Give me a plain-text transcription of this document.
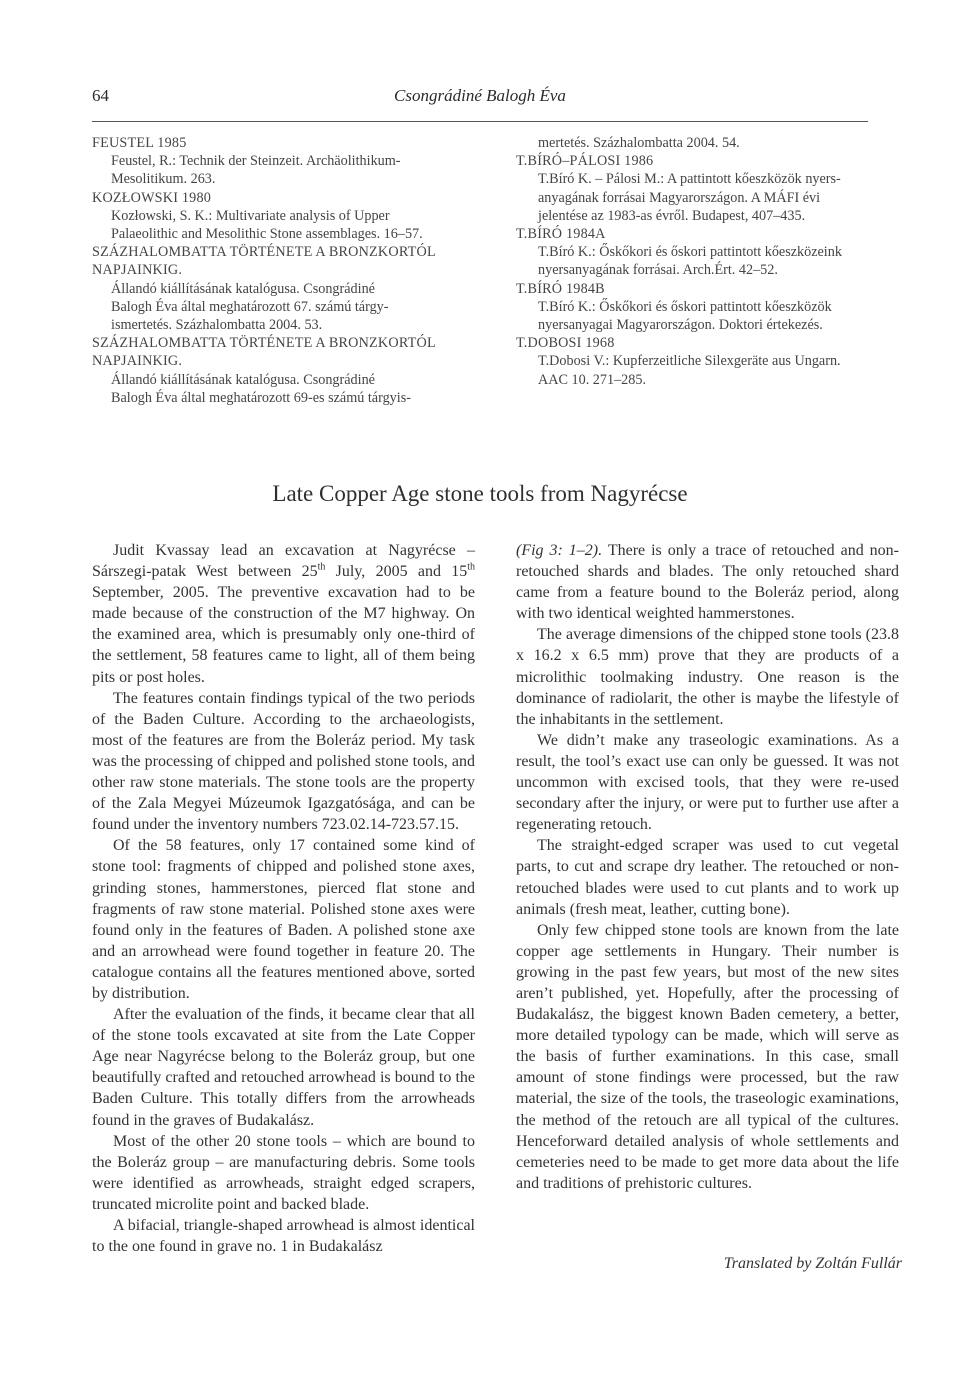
64	Csongrádiné Balogh Éva
FEUSTEL 1985
Feustel, R.: Technik der Steinzeit. Archäolithikum-
Mesolitikum. 263.
KOZŁOWSKI 1980
Kozłowski, S. K.: Multivariate analysis of Upper
Palaeolithic and Mesolithic Stone assemblages. 16–57.
SZÁZHALOMBATTA TÖRTÉNETE A BRONZKORTÓL
NAPJAINKIG.
Állandó kiállításának katalógusa. Csongrádiné
Balogh Éva által meghatározott 67. számú tárgy-
ismertetés. Százhalombatta 2004. 53.
SZÁZHALOMBATTA TÖRTÉNETE A BRONZKORTÓL
NAPJAINKIG.
Állandó kiállításának katalógusa. Csongrádiné
Balogh Éva által meghatározott 69-es számú tárgyis-
mertetés. Százhalombatta 2004. 54.
T.BÍRÓ–PÁLOSI 1986
T.Bíró K. – Pálosi M.: A pattintott kőeszközök nyers-
anyagának forrásai Magyarországon. A MÁFI évi
jelentése az 1983-as évről. Budapest, 407–435.
T.BÍRÓ 1984A
T.Bíró K.: Őskőkori és őskori pattintott kőeszközeink
nyersanyagának forrásai. Arch.Ért. 42–52.
T.BÍRÓ 1984B
T.Bíró K.: Őskőkori és őskori pattintott kőeszközök
nyersanyagai Magyarországon. Doktori értekezés.
T.DOBOSI 1968
T.Dobosi V.: Kupferzeitliche Silexgeräte aus Ungarn.
AAC 10. 271–285.
Late Copper Age stone tools from Nagyrécse

Judit Kvassay lead an excavation at Nagyrécse – Sárszegi-patak West between 25th July, 2005 and 15th September, 2005. The preventive excavation had to be made because of the construction of the M7 highway. On the examined area, which is presumably only one-third of the settlement, 58 features came to light, all of them being pits or post holes.

The features contain findings typical of the two periods of the Baden Culture. According to the archaeologists, most of the features are from the Boleráz period. My task was the processing of chipped and polished stone tools, and other raw stone materials. The stone tools are the property of the Zala Megyei Múzeumok Igazgatósága, and can be found under the inventory numbers 723.02.14-723.57.15.

Of the 58 features, only 17 contained some kind of stone tool: fragments of chipped and polished stone axes, grinding stones, hammerstones, pierced flat stone and fragments of raw stone material. Polished stone axes were found only in the features of Baden. A polished stone axe and an arrowhead were found together in feature 20. The catalogue contains all the features mentioned above, sorted by distribution.

After the evaluation of the finds, it became clear that all of the stone tools excavated at site from the Late Copper Age near Nagyrécse belong to the Boleráz group, but one beautifully crafted and retouched arrowhead is bound to the Baden Culture. This totally differs from the arrowheads found in the graves of Budakalász.

Most of the other 20 stone tools – which are bound to the Boleráz group – are manufacturing debris. Some tools were identified as arrowheads, straight edged scrapers, truncated microlite point and backed blade.

A bifacial, triangle-shaped arrowhead is almost identical to the one found in grave no. 1 in Budakalász

(Fig 3: 1–2). There is only a trace of retouched and non-retouched shards and blades. The only retouched shard came from a feature bound to the Boleráz period, along with two identical weighted hammerstones.

The average dimensions of the chipped stone tools (23.8 x 16.2 x 6.5 mm) prove that they are products of a microlithic toolmaking industry. One reason is the dominance of radiolarit, the other is maybe the lifestyle of the inhabitants in the settlement.

We didn’t make any traseologic examinations. As a result, the tool’s exact use can only be guessed. It was not uncommon with excised tools, that they were re-used secondary after the injury, or were put to further use after a regenerating retouch.

The straight-edged scraper was used to cut vegetal parts, to cut and scrape dry leather. The retouched or non-retouched blades were used to cut plants and to work up animals (fresh meat, leather, cutting bone).

Only few chipped stone tools are known from the late copper age settlements in Hungary. Their number is growing in the past few years, but most of the new sites aren’t published, yet. Hopefully, after the processing of Budakalász, the biggest known Baden cemetery, a better, more detailed typology can be made, which will serve as the basis of further examinations. In this case, small amount of stone findings were processed, but the raw material, the size of the tools, the traseologic examinations, the method of the retouch are all typical of the cultures. Henceforward detailed analysis of whole settlements and cemeteries need to be made to get more data about the life and traditions of prehistoric cultures.

Translated by Zoltán Fullár
